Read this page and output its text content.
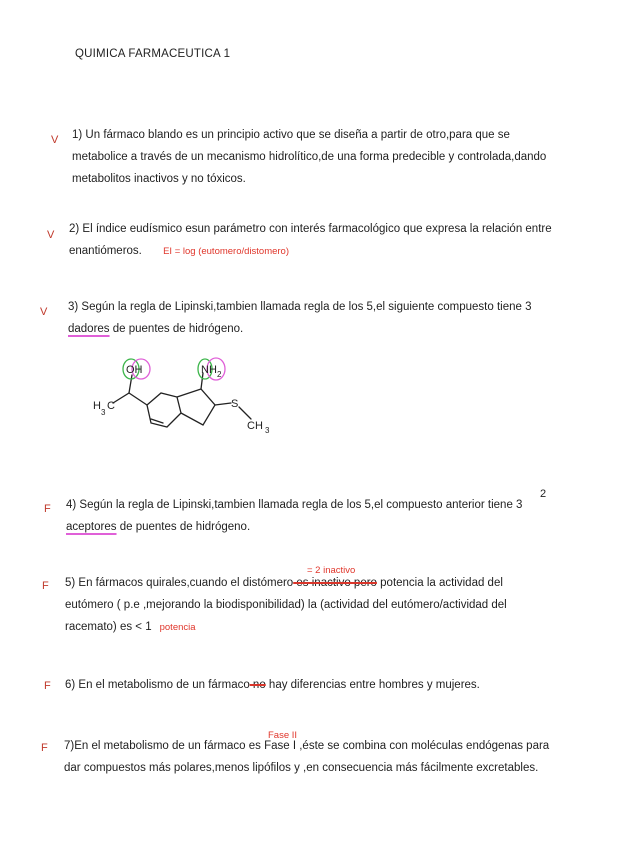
QUIMICA FARMACEUTICA 1
V 1) Un fármaco blando es un principio activo que se diseña a partir de otro,para que se
metabolice a través de un mecanismo hidrolítico,de una forma predecible y controlada,dando
metabolitos inactivos y no tóxicos.
V 2) El índice eudísmico esun parámetro con interés farmacológico que expresa la relación entre
enantiómeros. EI = log (eutomero/distomero)
V 3) Según la regla de Lipinski,tambien llamada regla de los 5,el siguiente compuesto tiene 3
dadores de puentes de hidrógeno.
OH	NH 2
H
3
C	S
CH 3
F
2
4) Según la regla de Lipinski,tambien llamada regla de los 5,el compuesto anterior tiene 3
aceptores de puentes de hidrógeno.
= 2 inactivo
F 5) En fármacos quirales,cuando el distómero es inactivo pero potencia la actividad del
eutómero ( p.e ,mejorando la biodisponibilidad) la (actividad del eutómero/actividad del
racemato) es < 1 potencia
F 6) En el metabolismo de un fármaco no hay diferencias entre hombres y mujeres.
Fase II
F 7)En el metabolismo de un fármaco es Fase I ,éste se combina con moléculas endógenas para
dar compuestos más polares,menos lipófilos y ,en consecuencia más fácilmente excretables.
